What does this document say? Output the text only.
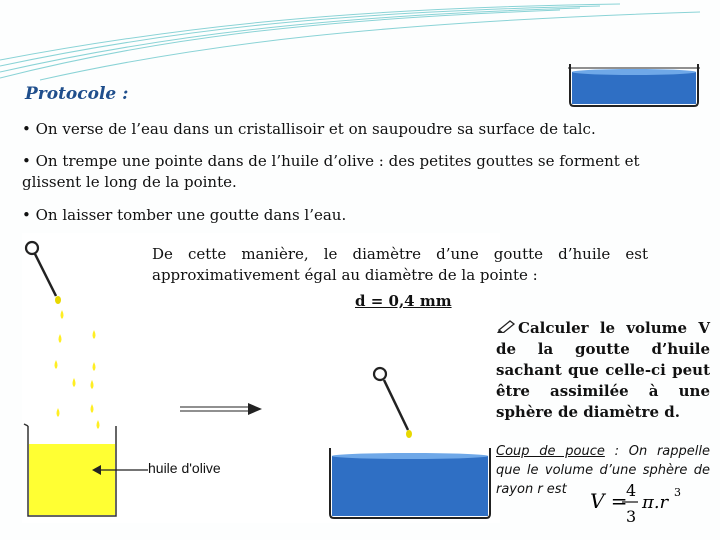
Protocole :
• On verse de l’eau dans un cristallisoir et on saupoudre sa surface de talc.
• On trempe une pointe dans de l’huile d’olive : des petites gouttes se forment et glissent le long de la pointe.
• On laisser tomber une goutte dans l’eau.
huile d'olive
De cette manière, le diamètre d’une goutte d’huile est approximativement égal au diamètre de la pointe :
d = 0,4 mm
Calculer le volume V de la goutte d’huile sachant que celle-ci peut être assimilée à une sphère de diamètre d.
Coup de pouce : On rappelle que le volume d’une sphère de rayon r est	V =
4
3
π.r 3
